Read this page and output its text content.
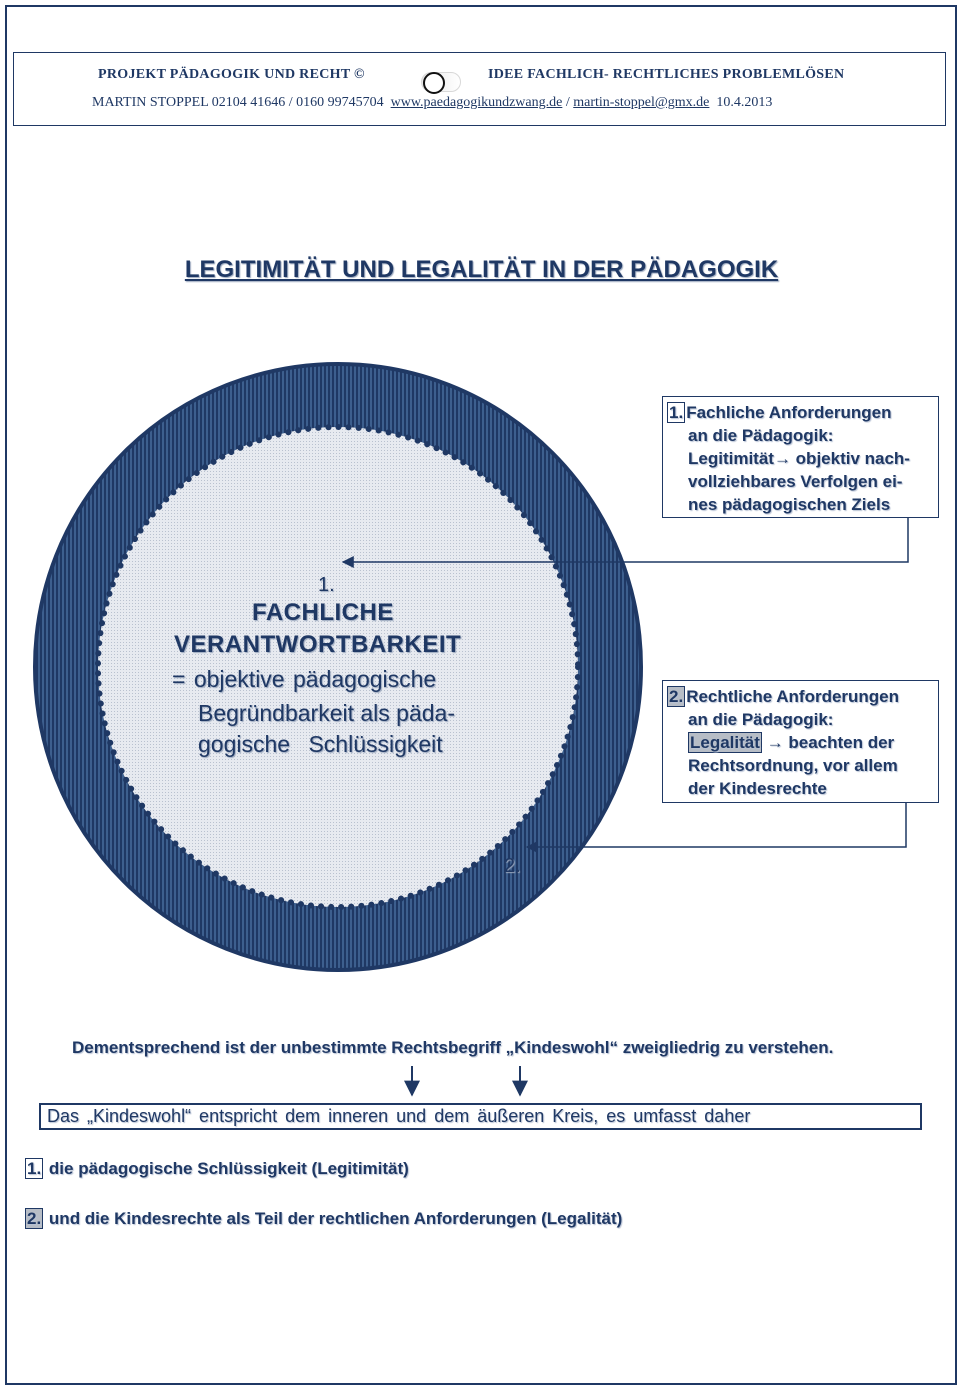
PROJEKT PÄDAGOGIK UND RECHT ©	IDEE FACHLICH- RECHTLICHES PROBLEMLÖSEN
MARTIN STOPPEL 02104 41646 / 0160 99745704 www.paedagogikundzwang.de / martin-stoppel@gmx.de 10.4.2013
LEGITIMITÄT UND LEGALITÄT IN DER PÄDAGOGIK
1.
FACHLICHE
VERANTWORTBARKEIT
= objektive pädagogische
Begründbarkeit als päda-
gogische Schlüssigkeit
2.
1. Fachliche Anforderungen
an die Pädagogik:
Legitimität→ objektiv nach-
vollziehbares Verfolgen ei-
nes pädagogischen Ziels
2. Rechtliche Anforderungen
an die Pädagogik:
Legalität → beachten der
Rechtsordnung, vor allem
der Kindesrechte
Dementsprechend ist der unbestimmte Rechtsbegriff „Kindeswohl“ zweigliedrig zu verstehen.
Das „Kindeswohl“ entspricht dem inneren und dem äußeren Kreis, es umfasst daher
1. die pädagogische Schlüssigkeit (Legitimität)
2. und die Kindesrechte als Teil der rechtlichen Anforderungen (Legalität)
